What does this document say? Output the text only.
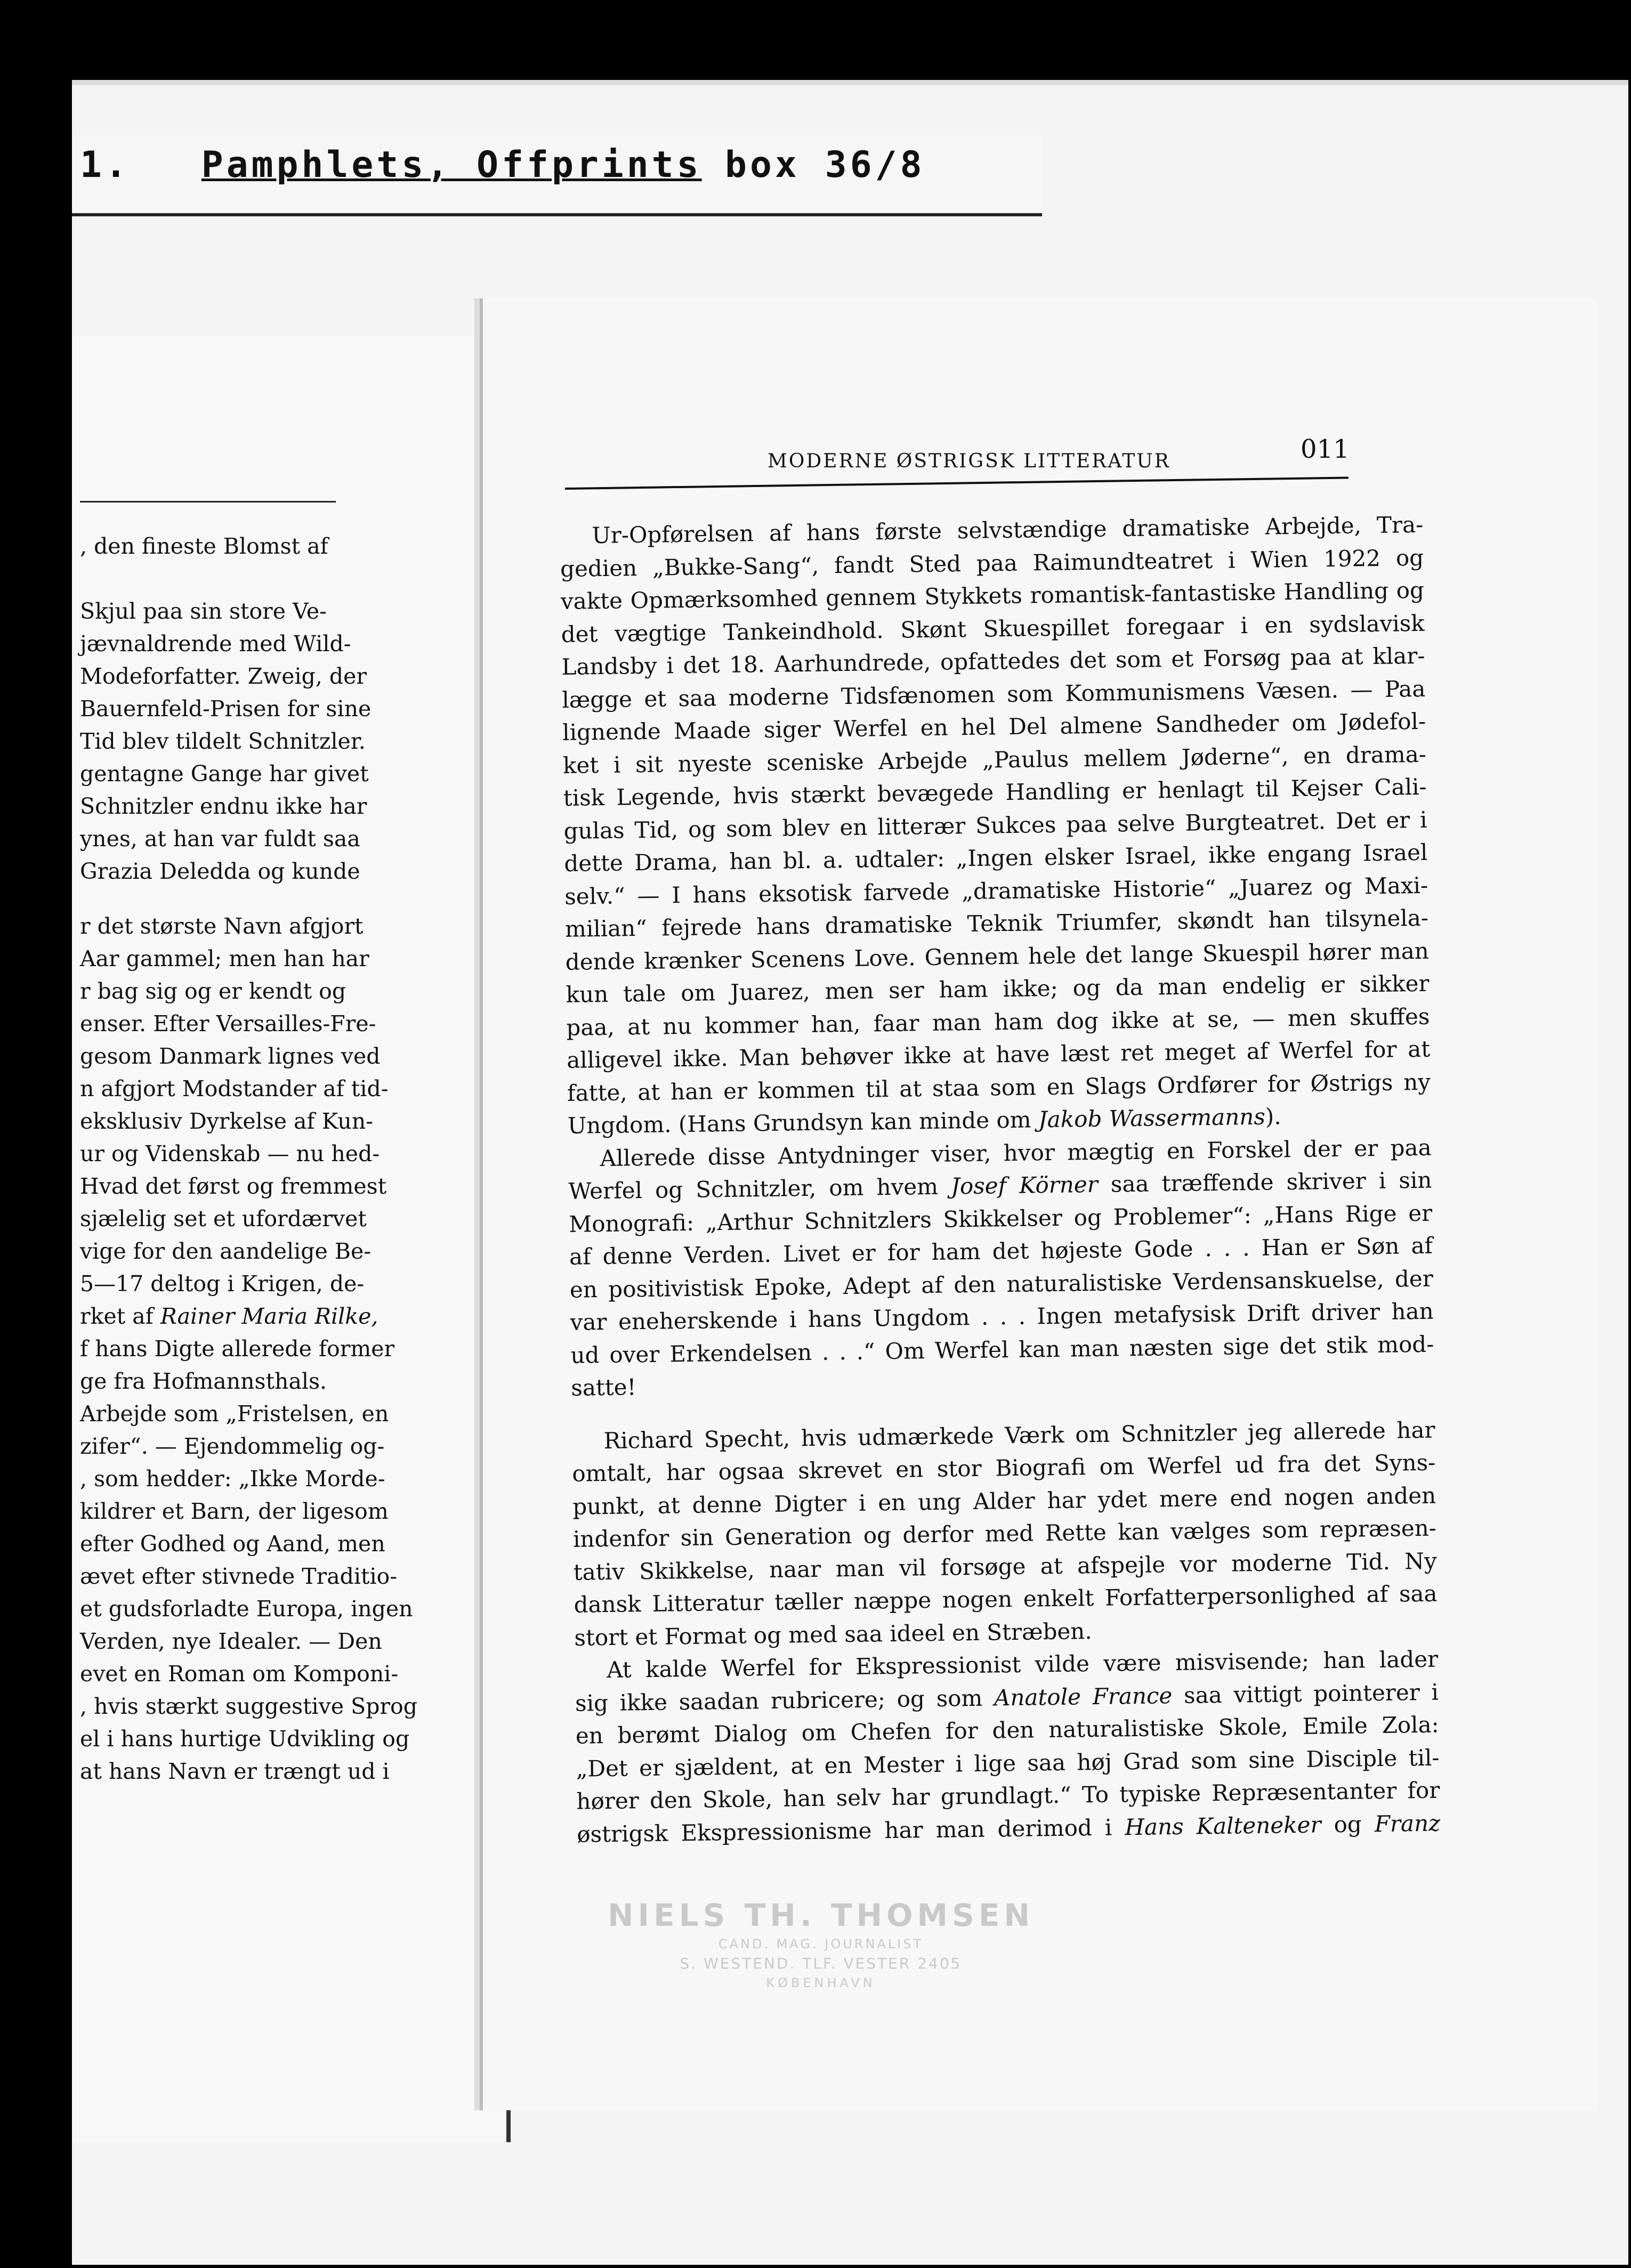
1. Pamphlets, Offprints box 36/8
, den fineste Blomst af
Skjul paa sin store Ve-
jævnaldrende med Wild-
Modeforfatter. Zweig, der
Bauernfeld-Prisen for sine
Tid blev tildelt Schnitzler.
gentagne Gange har givet
Schnitzler endnu ikke har
ynes, at han var fuldt saa
Grazia Deledda og kunde
r det største Navn afgjort
Aar gammel; men han har
r bag sig og er kendt og
enser. Efter Versailles-Fre-
gesom Danmark lignes ved
n afgjort Modstander af tid-
eksklusiv Dyrkelse af Kun-
ur og Videnskab — nu hed-
Hvad det først og fremmest
sjælelig set et ufordærvet
vige for den aandelige Be-
5—17 deltog i Krigen, de-
rket af Rainer Maria Rilke,
f hans Digte allerede former
ge fra Hofmannsthals.
Arbejde som „Fristelsen, en
zifer“. — Ejendommelig og-
, som hedder: „Ikke Morde-
kildrer et Barn, der ligesom
efter Godhed og Aand, men
ævet efter stivnede Traditio-
et gudsforladte Europa, ingen
Verden, nye Idealer. — Den
evet en Roman om Komponi-
, hvis stærkt suggestive Sprog
el i hans hurtige Udvikling og
at hans Navn er trængt ud i
MODERNE ØSTRIGSK LITTERATUR	011
Ur-Opførelsen af hans første selvstændige dramatiske Arbejde, Tra-
gedien „Bukke-Sang“, fandt Sted paa Raimundteatret i Wien 1922 og
vakte Opmærksomhed gennem Stykkets romantisk-fantastiske Handling og
det vægtige Tankeindhold. Skønt Skuespillet foregaar i en sydslavisk
Landsby i det 18. Aarhundrede, opfattedes det som et Forsøg paa at klar-
lægge et saa moderne Tidsfænomen som Kommunismens Væsen. — Paa
lignende Maade siger Werfel en hel Del almene Sandheder om Jødefol-
ket i sit nyeste sceniske Arbejde „Paulus mellem Jøderne“, en drama-
tisk Legende, hvis stærkt bevægede Handling er henlagt til Kejser Cali-
gulas Tid, og som blev en litterær Sukces paa selve Burgteatret. Det er i
dette Drama, han bl. a. udtaler: „Ingen elsker Israel, ikke engang Israel
selv.“ — I hans eksotisk farvede „dramatiske Historie“ „Juarez og Maxi-
milian“ fejrede hans dramatiske Teknik Triumfer, skøndt han tilsynela-
dende krænker Scenens Love. Gennem hele det lange Skuespil hører man
kun tale om Juarez, men ser ham ikke; og da man endelig er sikker
paa, at nu kommer han, faar man ham dog ikke at se, — men skuffes
alligevel ikke. Man behøver ikke at have læst ret meget af Werfel for at
fatte, at han er kommen til at staa som en Slags Ordfører for Østrigs ny
Ungdom. (Hans Grundsyn kan minde om Jakob Wassermanns).
Allerede disse Antydninger viser, hvor mægtig en Forskel der er paa
Werfel og Schnitzler, om hvem Josef Körner saa træffende skriver i sin
Monografi: „Arthur Schnitzlers Skikkelser og Problemer“: „Hans Rige er
af denne Verden. Livet er for ham det højeste Gode . . . Han er Søn af
en positivistisk Epoke, Adept af den naturalistiske Verdensanskuelse, der
var eneherskende i hans Ungdom . . . Ingen metafysisk Drift driver han
ud over Erkendelsen . . .“ Om Werfel kan man næsten sige det stik mod-
satte!
Richard Specht, hvis udmærkede Værk om Schnitzler jeg allerede har
omtalt, har ogsaa skrevet en stor Biografi om Werfel ud fra det Syns-
punkt, at denne Digter i en ung Alder har ydet mere end nogen anden
indenfor sin Generation og derfor med Rette kan vælges som repræsen-
tativ Skikkelse, naar man vil forsøge at afspejle vor moderne Tid. Ny
dansk Litteratur tæller næppe nogen enkelt Forfatterpersonlighed af saa
stort et Format og med saa ideel en Stræben.
At kalde Werfel for Ekspressionist vilde være misvisende; han lader
sig ikke saadan rubricere; og som Anatole France saa vittigt pointerer i
en berømt Dialog om Chefen for den naturalistiske Skole, Emile Zola:
„Det er sjældent, at en Mester i lige saa høj Grad som sine Disciple til-
hører den Skole, han selv har grundlagt.“ To typiske Repræsentanter for
østrigsk Ekspressionisme har man derimod i Hans Kalteneker og Franz
NIELS TH. THOMSEN
CAND. MAG. JOURNALIST
S. WESTEND. TLF. VESTER 2405
KØBENHAVN
